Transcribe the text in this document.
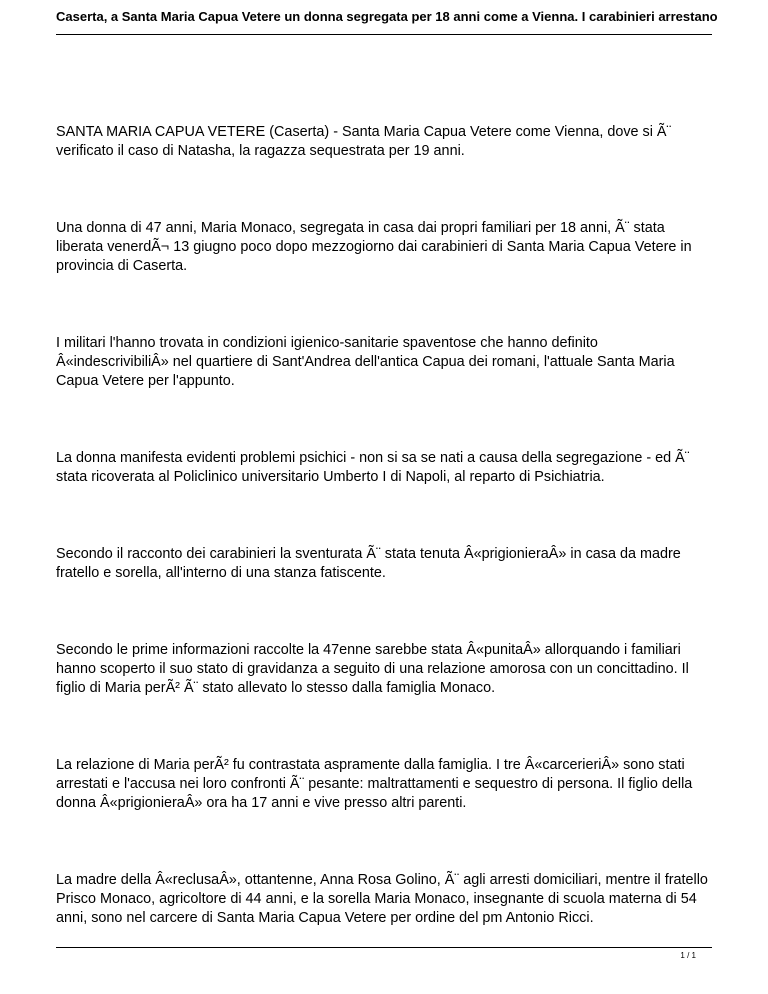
Caserta, a Santa Maria Capua Vetere un donna segregata per 18 anni come a Vienna. I carabinieri arrestano

SANTA MARIA CAPUA VETERE (Caserta) - Santa Maria Capua Vetere come Vienna, dove si Ã¨ verificato il caso di Natasha, la ragazza sequestrata per 19 anni.

Una donna di 47 anni, Maria Monaco, segregata in casa dai propri familiari per 18 anni, Ã¨ stata liberata venerdÃ¬ 13 giugno poco dopo mezzogiorno dai carabinieri di Santa Maria Capua Vetere in provincia di Caserta.

I militari l'hanno trovata in condizioni igienico-sanitarie spaventose che hanno definito Â«indescrivibiliÂ» nel quartiere di Sant'Andrea dell'antica Capua dei romani, l'attuale Santa Maria Capua Vetere per l'appunto.

La donna manifesta evidenti problemi psichici - non si sa se nati a causa della segregazione - ed Ã¨ stata ricoverata al Policlinico universitario Umberto I di Napoli, al reparto di Psichiatria.

Secondo il racconto dei carabinieri la sventurata Ã¨ stata tenuta Â«prigionieraÂ» in casa da madre fratello e sorella, all'interno di una stanza fatiscente.

Secondo le prime informazioni raccolte la 47enne sarebbe stata Â«punitaÂ» allorquando i familiari hanno scoperto il suo stato di gravidanza a seguito di una relazione amorosa con un concittadino. Il figlio di Maria perÃ² Ã¨ stato allevato lo stesso dalla famiglia Monaco.

La relazione di Maria perÃ² fu contrastata aspramente dalla famiglia. I tre Â«carcerieriÂ» sono stati arrestati e l'accusa nei loro confronti Ã¨ pesante: maltrattamenti e sequestro di persona. Il figlio della donna Â«prigionieraÂ» ora ha 17 anni e vive presso altri parenti.

La madre della Â«reclusaÂ», ottantenne, Anna Rosa Golino, Ã¨ agli arresti domiciliari, mentre il fratello Prisco Monaco, agricoltore di 44 anni, e la sorella Maria Monaco, insegnante di scuola materna di 54 anni, sono nel carcere di Santa Maria Capua Vetere per ordine del pm Antonio Ricci.

1 / 1
